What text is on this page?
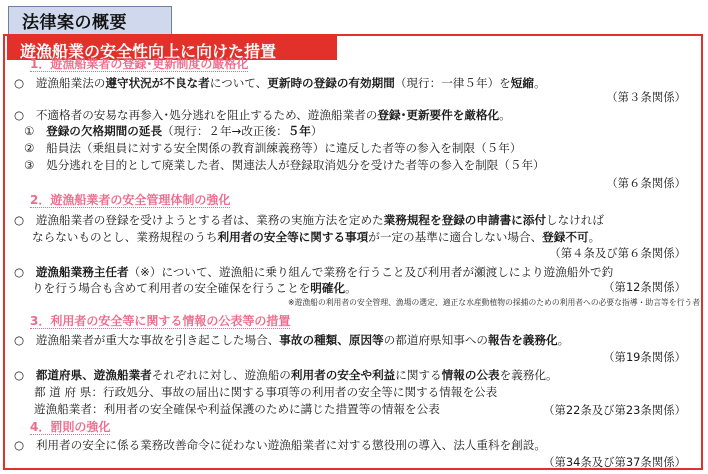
法律案の概要
遊漁船業の安全性向上に向けた措置
1．遊漁船業者の登録･更新制度の厳格化
○ 遊漁船業法の遵守状況が不良な者について、更新時の登録の有効期間（現行：一律５年）を短縮。
（第３条関係）
○ 不適格者の安易な再参入･処分逃れを阻止するため、遊漁船業者の登録･更新要件を厳格化。
① 登録の欠格期間の延長（現行：２年→改正後：５年）
② 船員法（乗組員に対する安全関係の教育訓練義務等）に違反した者等の参入を制限（５年）
③ 処分逃れを目的として廃業した者、関連法人が登録取消処分を受けた者等の参入を制限（５年）
（第６条関係）
2．遊漁船業者の安全管理体制の強化
○ 遊漁船業者の登録を受けようとする者は、業務の実施方法を定めた業務規程を登録の申請書に添付しなければ
ならないものとし、業務規程のうち利用者の安全等に関する事項が一定の基準に適合しない場合、登録不可。
（第４条及び第６条関係）
○ 遊漁船業務主任者（※）について、遊漁船に乗り組んで業務を行うこと及び利用者が瀬渡しにより遊漁船外で釣
りを行う場合も含めて利用者の安全確保を行うことを明確化。	（第12条関係）
※遊漁船の利用者の安全管理、漁場の選定、適正な水産動植物の採捕のための利用者への必要な指導・助言等を行う者
3．利用者の安全等に関する情報の公表等の措置
○ 遊漁船業者が重大な事故を引き起こした場合、事故の種類、原因等の都道府県知事への報告を義務化。
（第19条関係）
○ 都道府県、遊漁船業者それぞれに対し、遊漁船の利用者の安全や利益に関する情報の公表を義務化。
都 道 府 県：行政処分、事故の届出に関する事項等の利用者の安全等に関する情報を公表
遊漁船業者：利用者の安全確保や利益保護のために講じた措置等の情報を公表	（第22条及び第23条関係）
4．罰則の強化
○ 利用者の安全に係る業務改善命令に従わない遊漁船業者に対する懲役刑の導入、法人重科を創設。
（第34条及び第37条関係）
